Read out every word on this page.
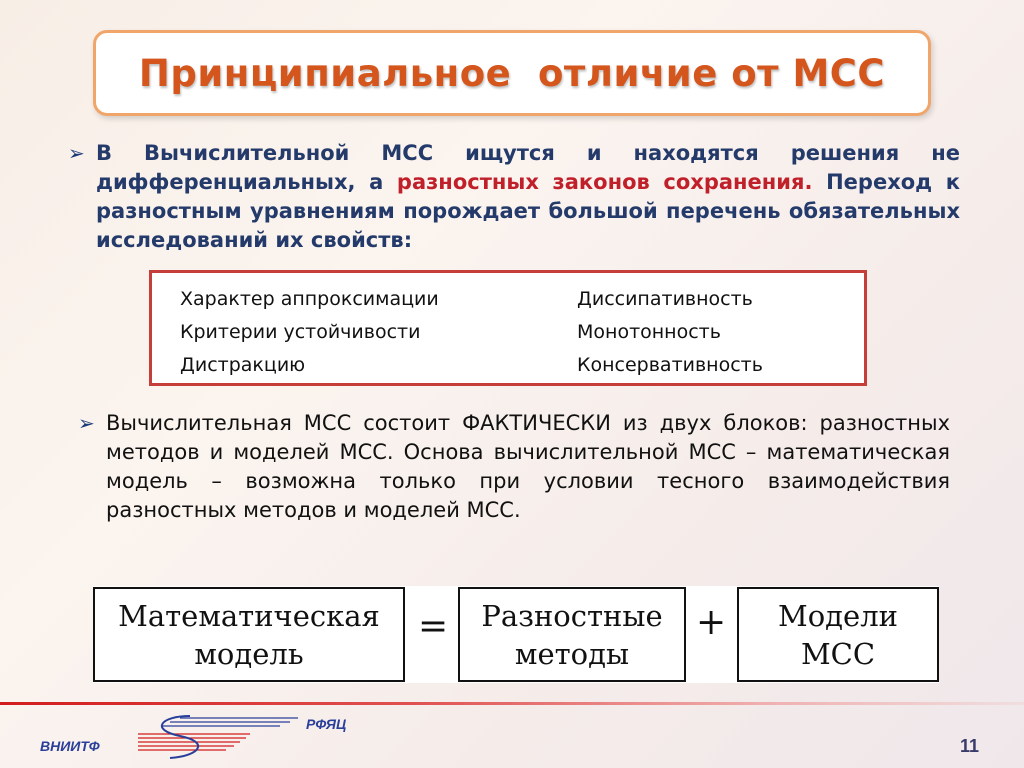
Принципиальное  отличие от МСС
➢ В Вычислительной МСС ищутся и находятся решения не дифференциальных, а разностных законов сохранения. Переход к разностным уравнениям порождает большой перечень обязательных исследований их свойств:
Характер аппроксимации
Критерии устойчивости
Дистракцию
Диссипативность
Монотонность
Консервативность
➢ Вычислительная МСС состоит ФАКТИЧЕСКИ из двух блоков: разностных методов и моделей МСС. Основа вычислительной МСС – математическая модель – возможна только при условии тесного взаимодействия разностных методов и моделей МСС.
Математическая
модель
=	Разностные
методы
+	Модели
МСС
ВНИИТФ
РФЯЦ
11
